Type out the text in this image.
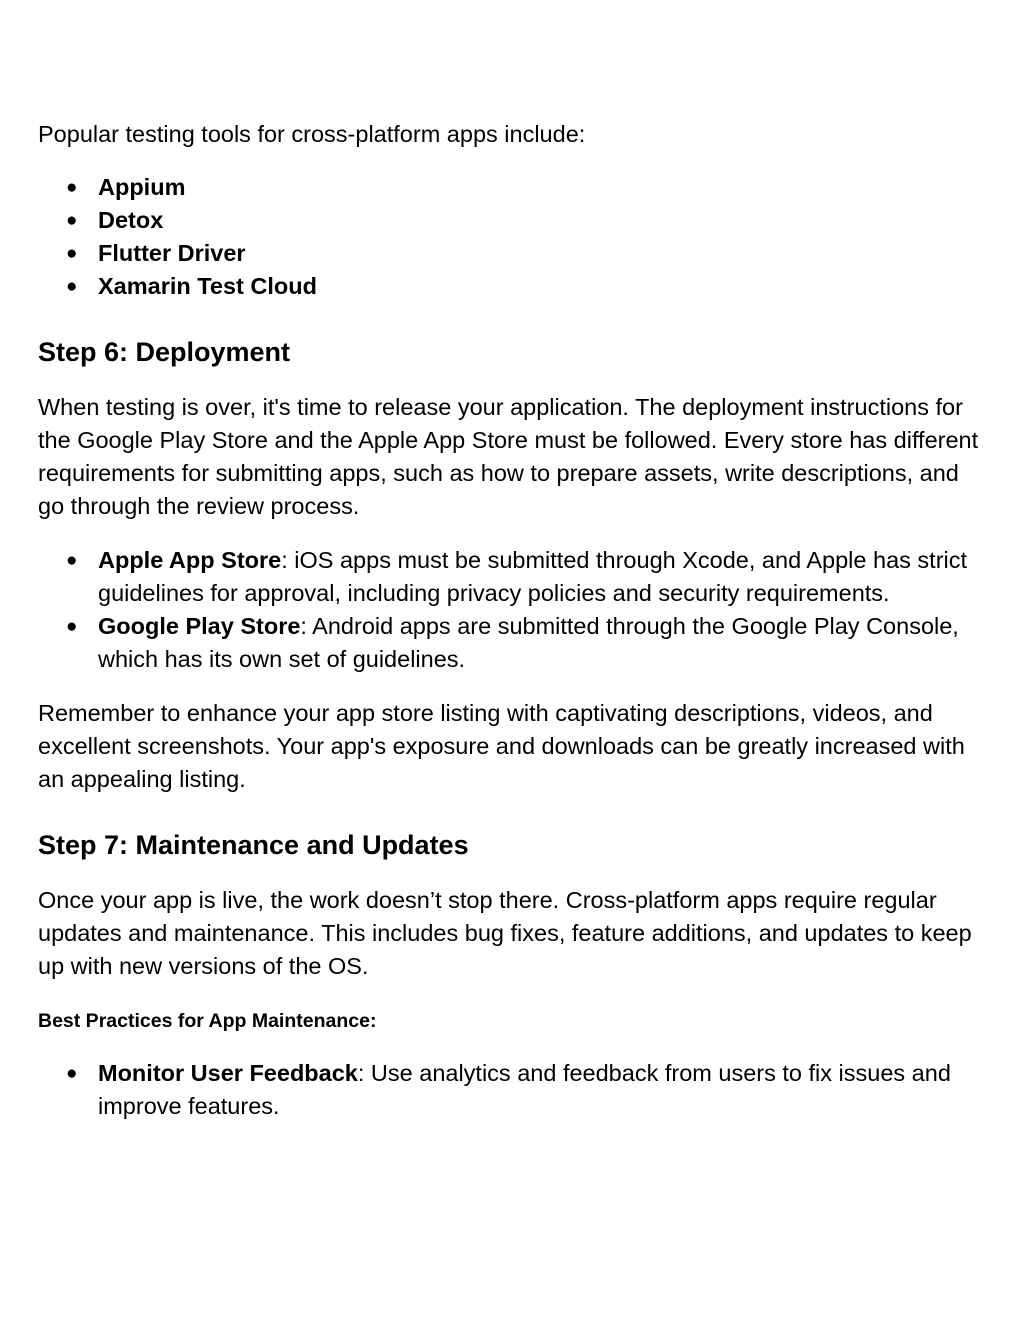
Popular testing tools for cross-platform apps include:

● Appium
● Detox
● Flutter Driver
● Xamarin Test Cloud
Step 6: Deployment

When testing is over, it's time to release your application. The deployment instructions for the Google Play Store and the Apple App Store must be followed. Every store has different requirements for submitting apps, such as how to prepare assets, write descriptions, and go through the review process.

● Apple App Store: iOS apps must be submitted through Xcode, and Apple has strict guidelines for approval, including privacy policies and security requirements.
● Google Play Store: Android apps are submitted through the Google Play Console, which has its own set of guidelines.

Remember to enhance your app store listing with captivating descriptions, videos, and excellent screenshots. Your app's exposure and downloads can be greatly increased with an appealing listing.

Step 7: Maintenance and Updates

Once your app is live, the work doesn’t stop there. Cross-platform apps require regular updates and maintenance. This includes bug fixes, feature additions, and updates to keep up with new versions of the OS.

Best Practices for App Maintenance:
● Monitor User Feedback: Use analytics and feedback from users to fix issues and improve features.
